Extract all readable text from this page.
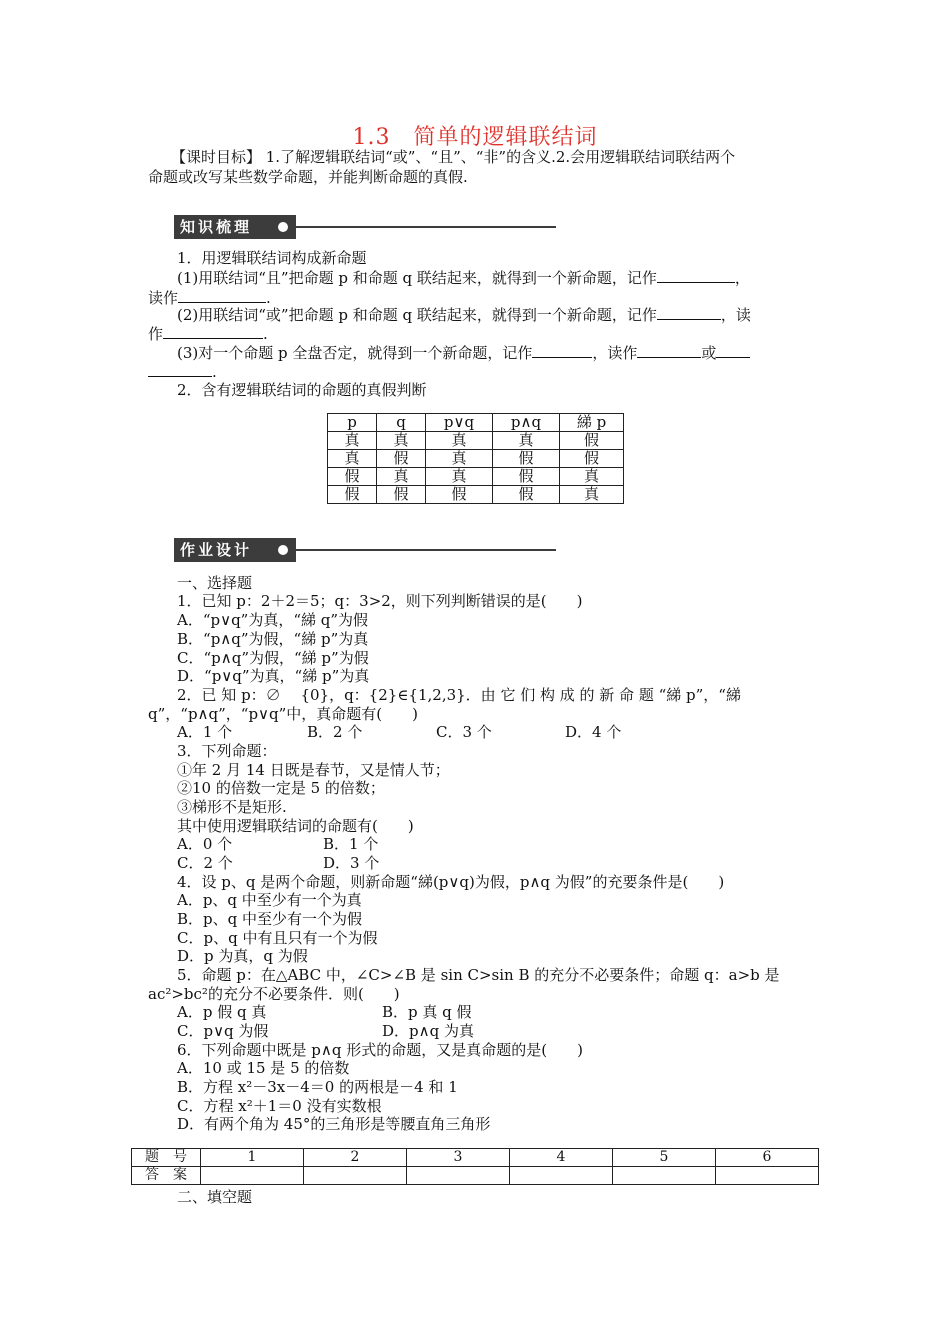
1.3　简单的逻辑联结词
【课时目标】 1.了解逻辑联结词“或”、“且”、“非”的含义.2.会用逻辑联结词联结两个
命题或改写某些数学命题，并能判断命题的真假.
知识梳理
1．用逻辑联结词构成新命题
(1)用联结词“且”把命题 p 和命题 q 联结起来，就得到一个新命题，记作	，
读作	.
(2)用联结词“或”把命题 p 和命题 q 联结起来，就得到一个新命题，记作	，读
作	.
(3)对一个命题 p 全盘否定，就得到一个新命题，记作	，读作	或
.
2．含有逻辑联结词的命题的真假判断
p	q	p∨q	p∧q	綈 p
真	真	真	真	假
真	假	真	假	假
假	真	真	假	真
假	假	假	假	真
作业设计
一、选择题
1．已知 p：2＋2＝5；q：3>2，则下列判断错误的是(　　)
A．“p∨q”为真，“綈 q”为假
B．“p∧q”为假，“綈 p”为真
C．“p∧q”为假，“綈 p”为假
D．“p∨q”为真，“綈 p”为真
2．已 知 p：∅　 {0}，q：{2}∈{1,2,3}．由 它 们 构 成 的 新 命 题 “綈 p”，“綈
q”，“p∧q”，“p∨q”中，真命题有(　　)
A．1 个	B．2 个	C．3 个	D．4 个
3．下列命题：
①年 2 月 14 日既是春节，又是情人节；
②10 的倍数一定是 5 的倍数；
③梯形不是矩形.
其中使用逻辑联结词的命题有(　　)
A．0 个	B．1 个
C．2 个	D．3 个
4．设 p、q 是两个命题，则新命题“綈(p∨q)为假，p∧q 为假”的充要条件是(　　)
A．p、q 中至少有一个为真
B．p、q 中至少有一个为假
C．p、q 中有且只有一个为假
D．p 为真，q 为假
5．命题 p：在△ABC 中，∠C>∠B 是 sin C>sin B 的充分不必要条件；命题 q：a>b 是
ac²>bc²的充分不必要条件．则(　　)
A．p 假 q 真	B．p 真 q 假
C．p∨q 为假	D．p∧q 为真
6．下列命题中既是 p∧q 形式的命题，又是真命题的是(　　)
A．10 或 15 是 5 的倍数
B．方程 x²－3x－4＝0 的两根是－4 和 1
C．方程 x²＋1＝0 没有实数根
D．有两个角为 45°的三角形是等腰直角三角形
题　号	1	2	3	4	5	6
答　案						
二、填空题
